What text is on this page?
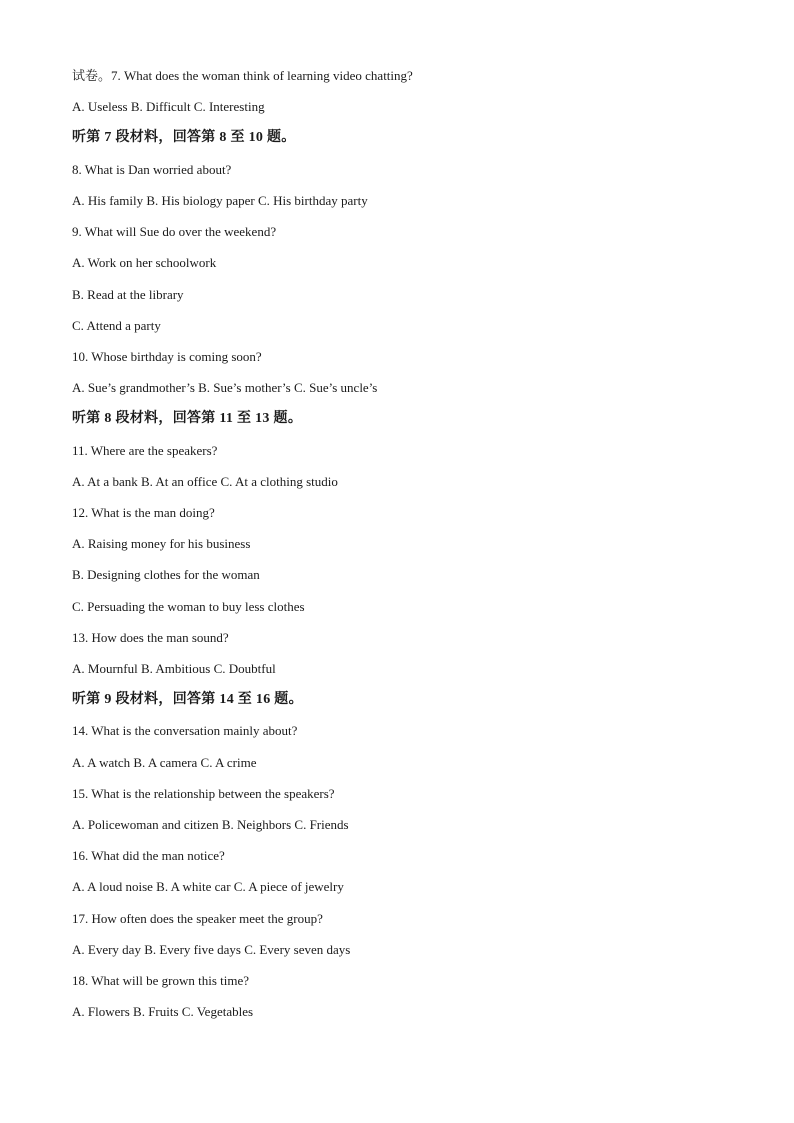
试卷。7. What does the woman think of learning video chatting?
A. Useless B. Difficult C. Interesting
听第 7 段材料，回答第 8 至 10 题。
8. What is Dan worried about?
A. His family B. His biology paper C. His birthday party
9. What will Sue do over the weekend?
A. Work on her schoolwork
B. Read at the library
C. Attend a party
10. Whose birthday is coming soon?
A. Sue’s grandmother’s B. Sue’s mother’s C. Sue’s uncle’s
听第 8 段材料，回答第 11 至 13 题。
11. Where are the speakers?
A. At a bank B. At an office C. At a clothing studio
12. What is the man doing?
A. Raising money for his business
B. Designing clothes for the woman
C. Persuading the woman to buy less clothes
13. How does the man sound?
A. Mournful B. Ambitious C. Doubtful
听第 9 段材料，回答第 14 至 16 题。
14. What is the conversation mainly about?
A. A watch B. A camera C. A crime
15. What is the relationship between the speakers?
A. Policewoman and citizen B. Neighbors C. Friends
16. What did the man notice?
A. A loud noise B. A white car C. A piece of jewelry
17. How often does the speaker meet the group?
A. Every day B. Every five days C. Every seven days
18. What will be grown this time?
A. Flowers B. Fruits C. Vegetables
